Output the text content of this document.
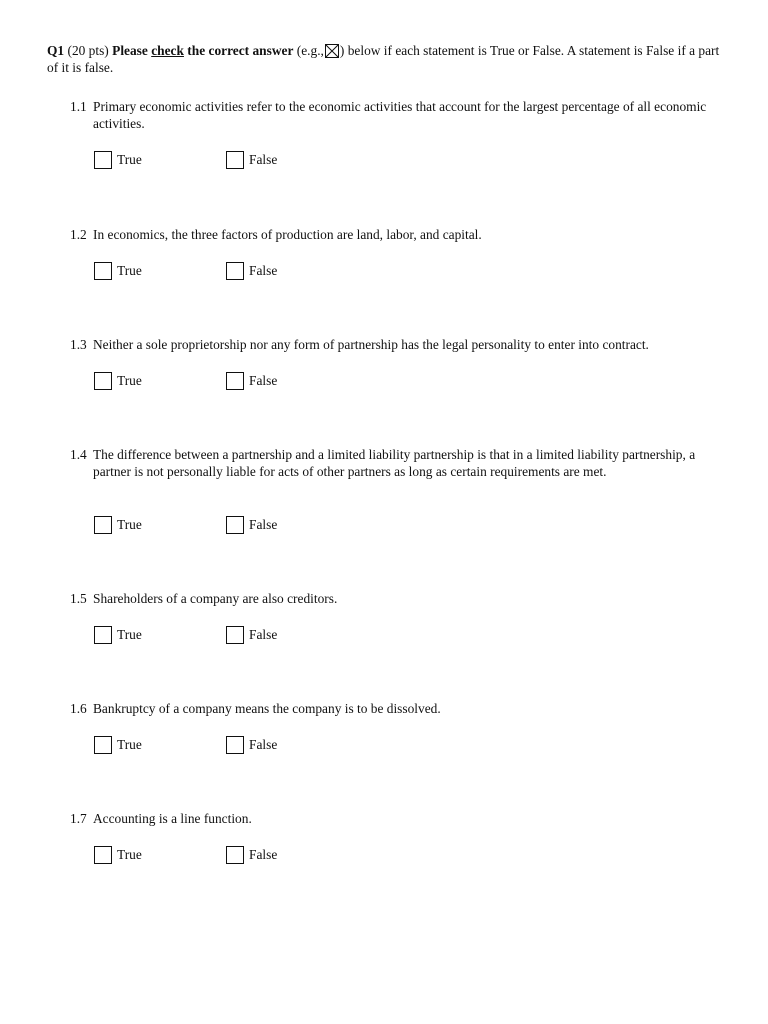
Q1 (20 pts) Please check the correct answer (e.g., ) below if each statement is True or False. A statement is False if a part of it is false.
1.1 Primary economic activities refer to the economic activities that account for the largest percentage of all economic activities.
True	False
1.2 In economics, the three factors of production are land, labor, and capital.
True	False
1.3 Neither a sole proprietorship nor any form of partnership has the legal personality to enter into contract.
True	False
1.4 The difference between a partnership and a limited liability partnership is that in a limited liability partnership, a partner is not personally liable for acts of other partners as long as certain requirements are met.
True	False
1.5 Shareholders of a company are also creditors.
True	False
1.6 Bankruptcy of a company means the company is to be dissolved.
True	False
1.7 Accounting is a line function.
True	False
